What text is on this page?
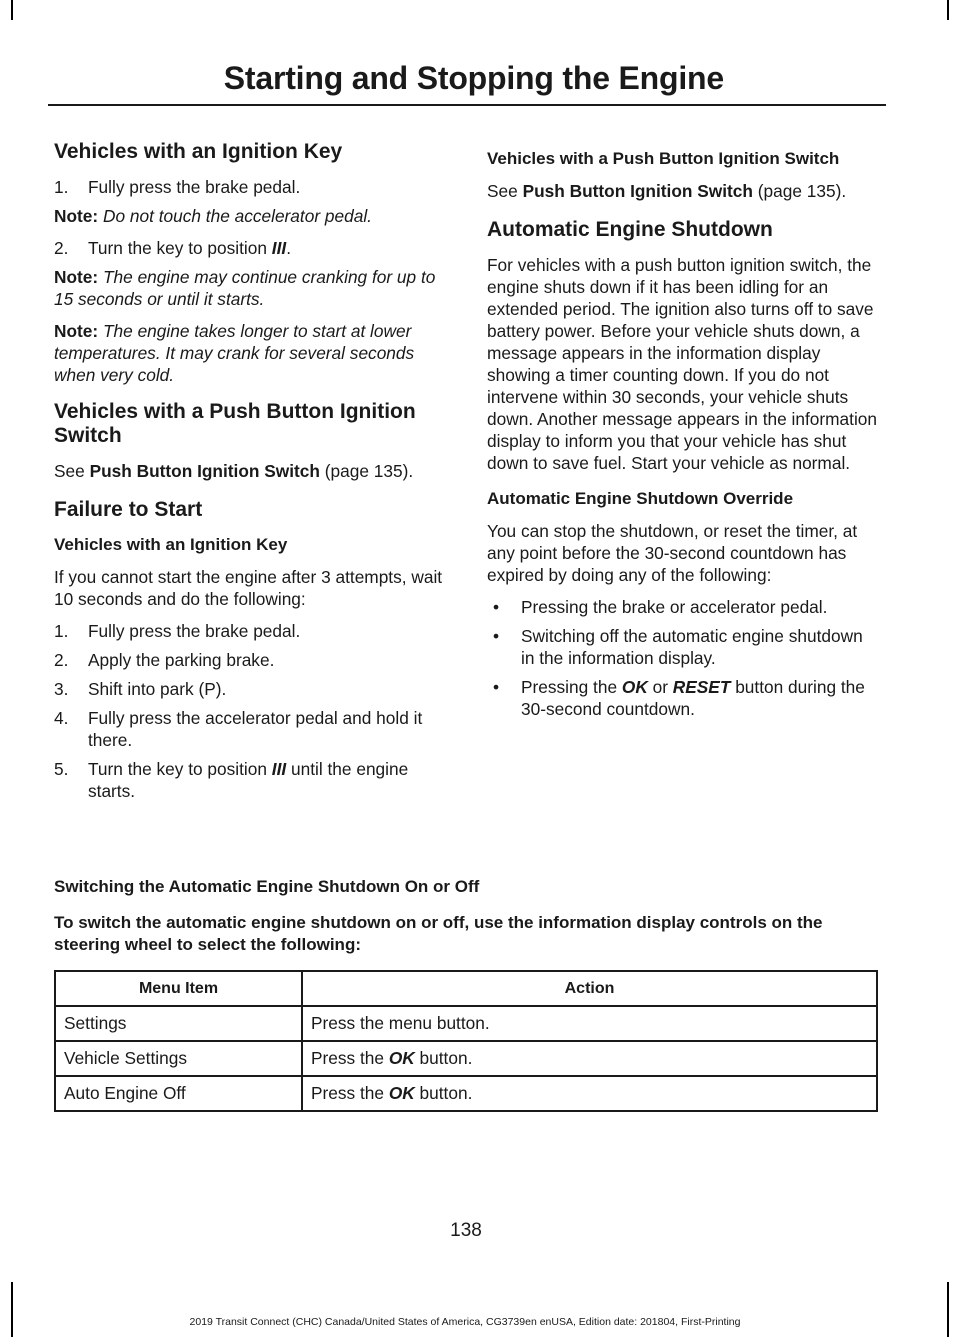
Starting and Stopping the Engine
Vehicles with an Ignition Key
1.	Fully press the brake pedal.

Note: Do not touch the accelerator pedal.

2.	Turn the key to position III.

Note: The engine may continue cranking for up to 15 seconds or until it starts.

Note: The engine takes longer to start at lower temperatures. It may crank for several seconds when very cold.

Vehicles with a Push Button Ignition Switch

See Push Button Ignition Switch (page 135).

Failure to Start
Vehicles with an Ignition Key

If you cannot start the engine after 3 attempts, wait 10 seconds and do the following:

1.	Fully press the brake pedal.
2.	Apply the parking brake.
3.	Shift into park (P).
4.	Fully press the accelerator pedal and hold it there.
5.	Turn the key to position III until the engine starts.
Vehicles with a Push Button Ignition Switch

See Push Button Ignition Switch (page 135).

Automatic Engine Shutdown

For vehicles with a push button ignition switch, the engine shuts down if it has been idling for an extended period. The ignition also turns off to save battery power. Before your vehicle shuts down, a message appears in the information display showing a timer counting down. If you do not intervene within 30 seconds, your vehicle shuts down. Another message appears in the information display to inform you that your vehicle has shut down to save fuel. Start your vehicle as normal.

Automatic Engine Shutdown Override

You can stop the shutdown, or reset the timer, at any point before the 30-second countdown has expired by doing any of the following:

•	Pressing the brake or accelerator pedal.
•	Switching off the automatic engine shutdown in the information display.
•	Pressing the OK or RESET button during the 30-second countdown.
Switching the Automatic Engine Shutdown On or Off
To switch the automatic engine shutdown on or off, use the information display controls on the steering wheel to select the following:
Menu Item	Action
Settings	Press the menu button.
Vehicle Settings	Press the OK button.
Auto Engine Off	Press the OK button.
138
2019 Transit Connect (CHC) Canada/United States of America, CG3739en enUSA, Edition date: 201804, First-Printing
